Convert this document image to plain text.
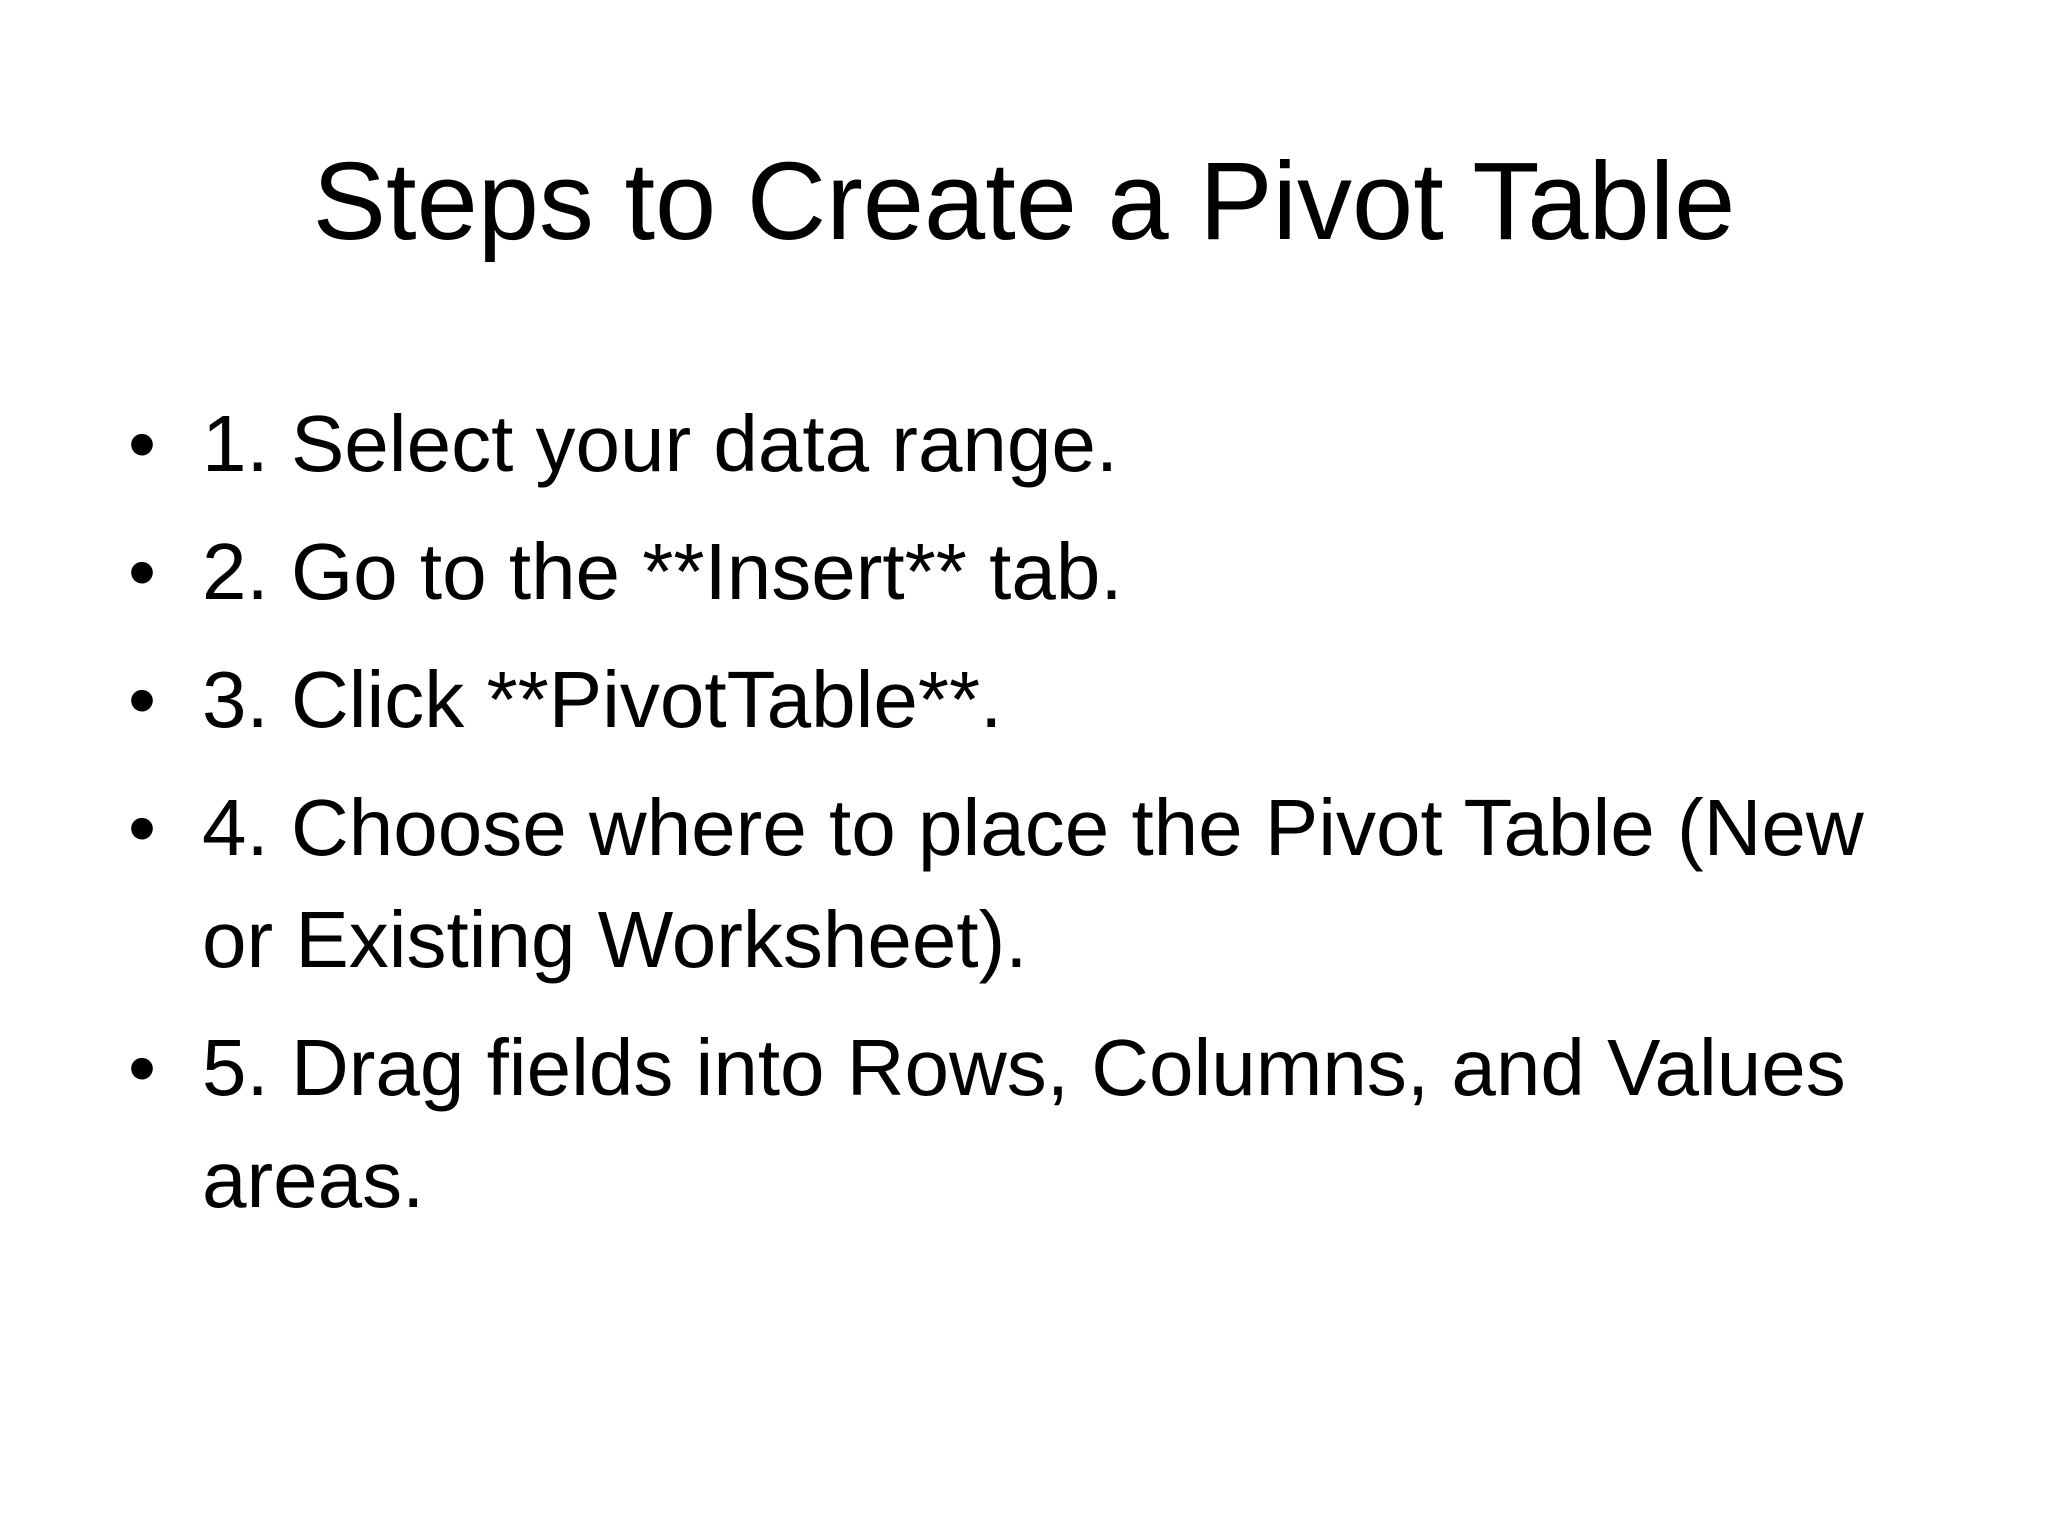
Steps to Create a Pivot Table
• 1. Select your data range.
• 2. Go to the **Insert** tab.
• 3. Click **PivotTable**.
• 4. Choose where to place the Pivot Table (New or Existing Worksheet).
• 5. Drag fields into Rows, Columns, and Values areas.
